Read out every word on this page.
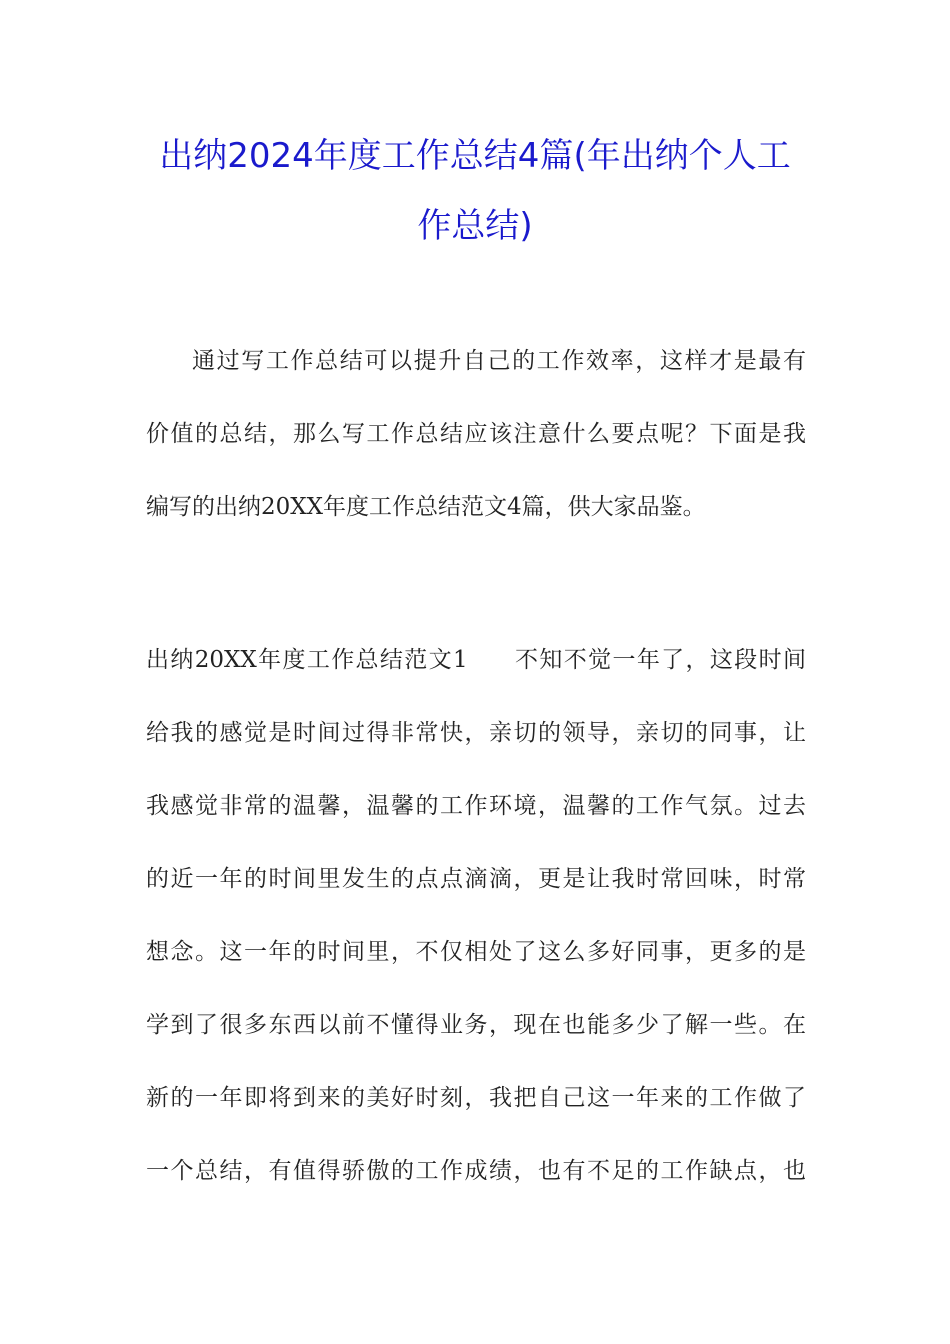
出纳2024年度工作总结4篇(年出纳个人工
作总结)
通过写工作总结可以提升自己的工作效率，这样才是最有
价值的总结，那么写工作总结应该注意什么要点呢？下面是我
编写的出纳20XX年度工作总结范文4篇，供大家品鉴。
出纳20XX年度工作总结范文1 不知不觉一年了，这段时间
给我的感觉是时间过得非常快，亲切的领导，亲切的同事，让
我感觉非常的温馨，温馨的工作环境，温馨的工作气氛。过去
的近一年的时间里发生的点点滴滴，更是让我时常回味，时常
想念。这一年的时间里，不仅相处了这么多好同事，更多的是
学到了很多东西以前不懂得业务，现在也能多少了解一些。在
新的一年即将到来的美好时刻，我把自己这一年来的工作做了
一个总结，有值得骄傲的工作成绩，也有不足的工作缺点，也
